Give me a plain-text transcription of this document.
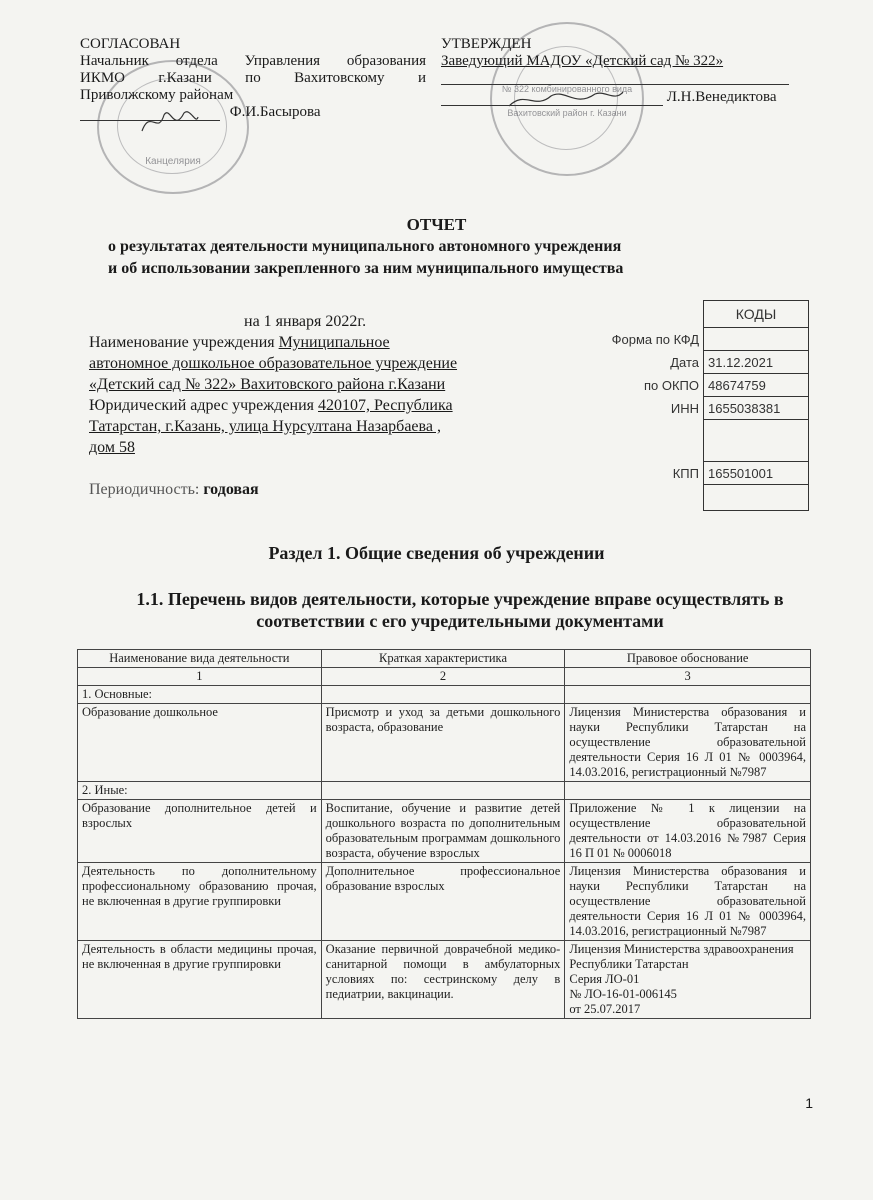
СОГЛАСОВАН
Начальник отдела Управления образования
ИКМО г.Казани по Вахитовскому и
Приволжскому районам
Ф.И.Басырова
УТВЕРЖДЕН
Заведующий МАДОУ «Детский сад № 322»
Л.Н.Венедиктова
Канцелярия
№ 322 комбинированного вида
Вахитовский район г. Казани
ОТЧЕТ
о результатах деятельности муниципального автономного учреждения
и об использовании закрепленного за ним муниципального имущества
на 1 января 2022г.
Наименование учреждения Муниципальное
автономное дошкольное образовательное учреждение
«Детский сад № 322» Вахитовского района г.Казани
Юридический адрес учреждения 420107, Республика
Татарстан, г.Казань, улица Нурсултана Назарбаева ,
дом 58
Периодичность: годовая
	КОДЫ
Форма по КФД	
Дата	31.12.2021
по ОКПО	48674759
ИНН	1655038381

КПП	165501001

Раздел 1. Общие сведения об учреждении
1.1. Перечень видов деятельности, которые учреждение вправе осуществлять в соответствии с его учредительными документами
Наименование вида деятельности	Краткая характеристика	Правовое обоснование
1	2	3
1. Основные:		
Образование дошкольное	Присмотр и уход за детьми дошкольного возраста, образование	Лицензия Министерства образования и науки Республики Татарстан на осуществление образовательной деятельности Серия 16 Л 01 № 0003964, 14.03.2016, регистрационный №7987
2. Иные:		
Образование дополнительное детей и взрослых	Воспитание, обучение и развитие детей дошкольного возраста по дополнительным образовательным программам дошкольного возраста, обучение взрослых	Приложение № 1 к лицензии на осуществление образовательной деятельности от 14.03.2016 №7987 Серия 16 П 01 № 0006018
Деятельность по дополнительному профессиональному образованию прочая, не включенная в другие группировки	Дополнительное профессиональное образование взрослых	Лицензия Министерства образования и науки Республики Татарстан на осуществление образовательной деятельности Серия 16 Л 01 № 0003964, 14.03.2016, регистрационный №7987
Деятельность в области медицины прочая, не включенная в другие группировки	Оказание первичной доврачебной медико-санитарной помощи в амбулаторных условиях по: сестринскому делу в педиатрии, вакцинации.	Лицензия Министерства здравоохранения Республики Татарстан
Серия ЛО-01
№ ЛО-16-01-006145
от 25.07.2017
1
